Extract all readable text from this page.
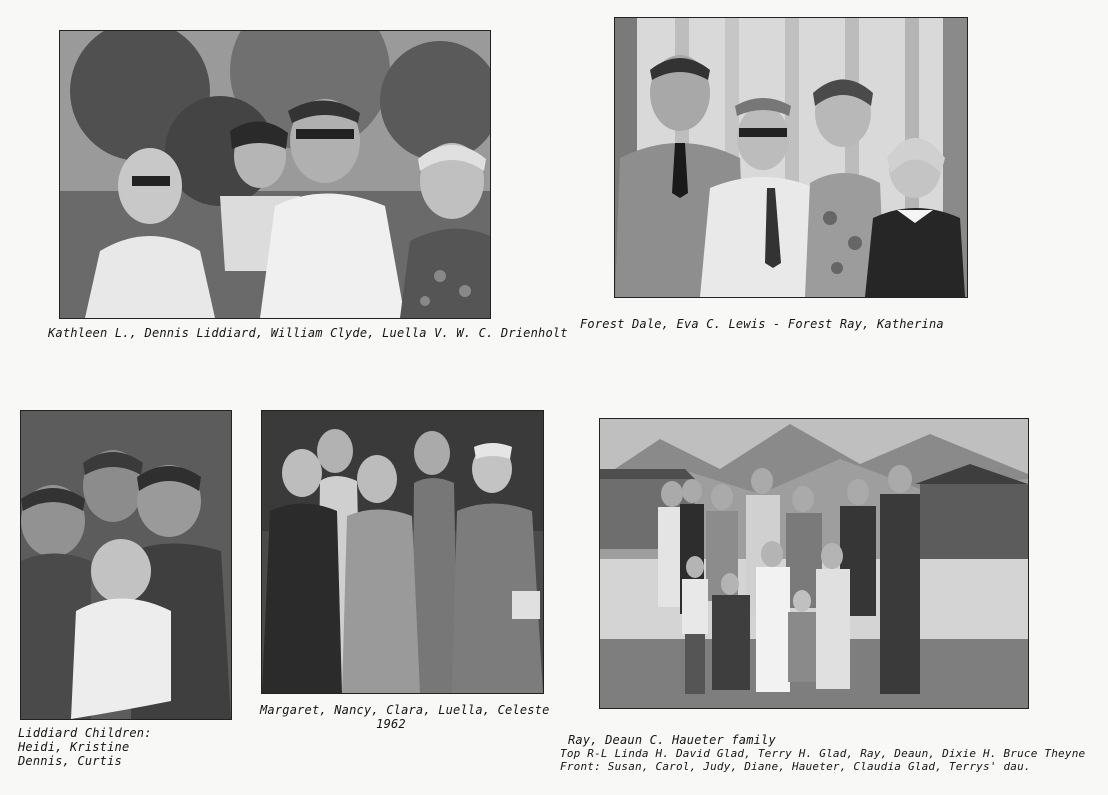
Kathleen L., Dennis Liddiard, William Clyde, Luella V. W. C. Drienholt
Forest Dale, Eva C. Lewis - Forest Ray, Katherina
Liddiard Children:
Heidi, Kristine
Dennis, Curtis
Margaret, Nancy, Clara, Luella, Celeste
1962
Ray, Deaun C. Haueter family
Top R-L Linda H. David Glad, Terry H. Glad, Ray, Deaun, Dixie H. Bruce Theyne
Front: Susan, Carol, Judy, Diane, Haueter, Claudia Glad, Terrys' dau.
